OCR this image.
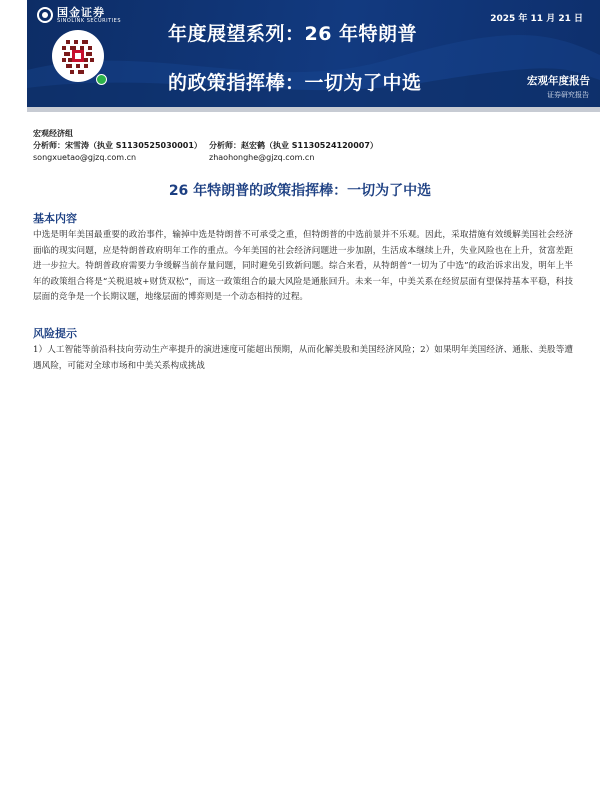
国金证券
SINOLINK SECURITIES
年度展望系列：26 年特朗普
的政策指挥棒：一切为了中选
2025 年 11 月 21 日
宏观年度报告
证券研究报告
宏观经济组
分析师：宋雪涛（执业 S1130525030001）
songxuetao@gjzq.com.cn
分析师：赵宏鹤（执业 S1130524120007）
zhaohonghe@gjzq.com.cn
26 年特朗普的政策指挥棒：一切为了中选

基本内容

中选是明年美国最重要的政治事件，输掉中选是特朗普不可承受之重，但特朗普的中选前景并不乐观。因此，采取措施有效缓解美国社会经济面临的现实问题，应是特朗普政府明年工作的重点。今年美国的社会经济问题进一步加剧，生活成本继续上升，失业风险也在上升，贫富差距进一步拉大。特朗普政府需要力争缓解当前存量问题，同时避免引致新问题。综合来看，从特朗普“一切为了中选”的政治诉求出发，明年上半年的政策组合将是“关税退坡+财货双松”，而这一政策组合的最大风险是通胀回升。未来一年，中美关系在经贸层面有望保持基本平稳，科技层面的竞争是一个长期议题，地缘层面的博弈则是一个动态相持的过程。

风险提示

1）人工智能等前沿科技向劳动生产率提升的演进速度可能超出预期，从而化解美股和美国经济风险；2）如果明年美国经济、通胀、美股等遭遇风险，可能对全球市场和中美关系构成挑战
